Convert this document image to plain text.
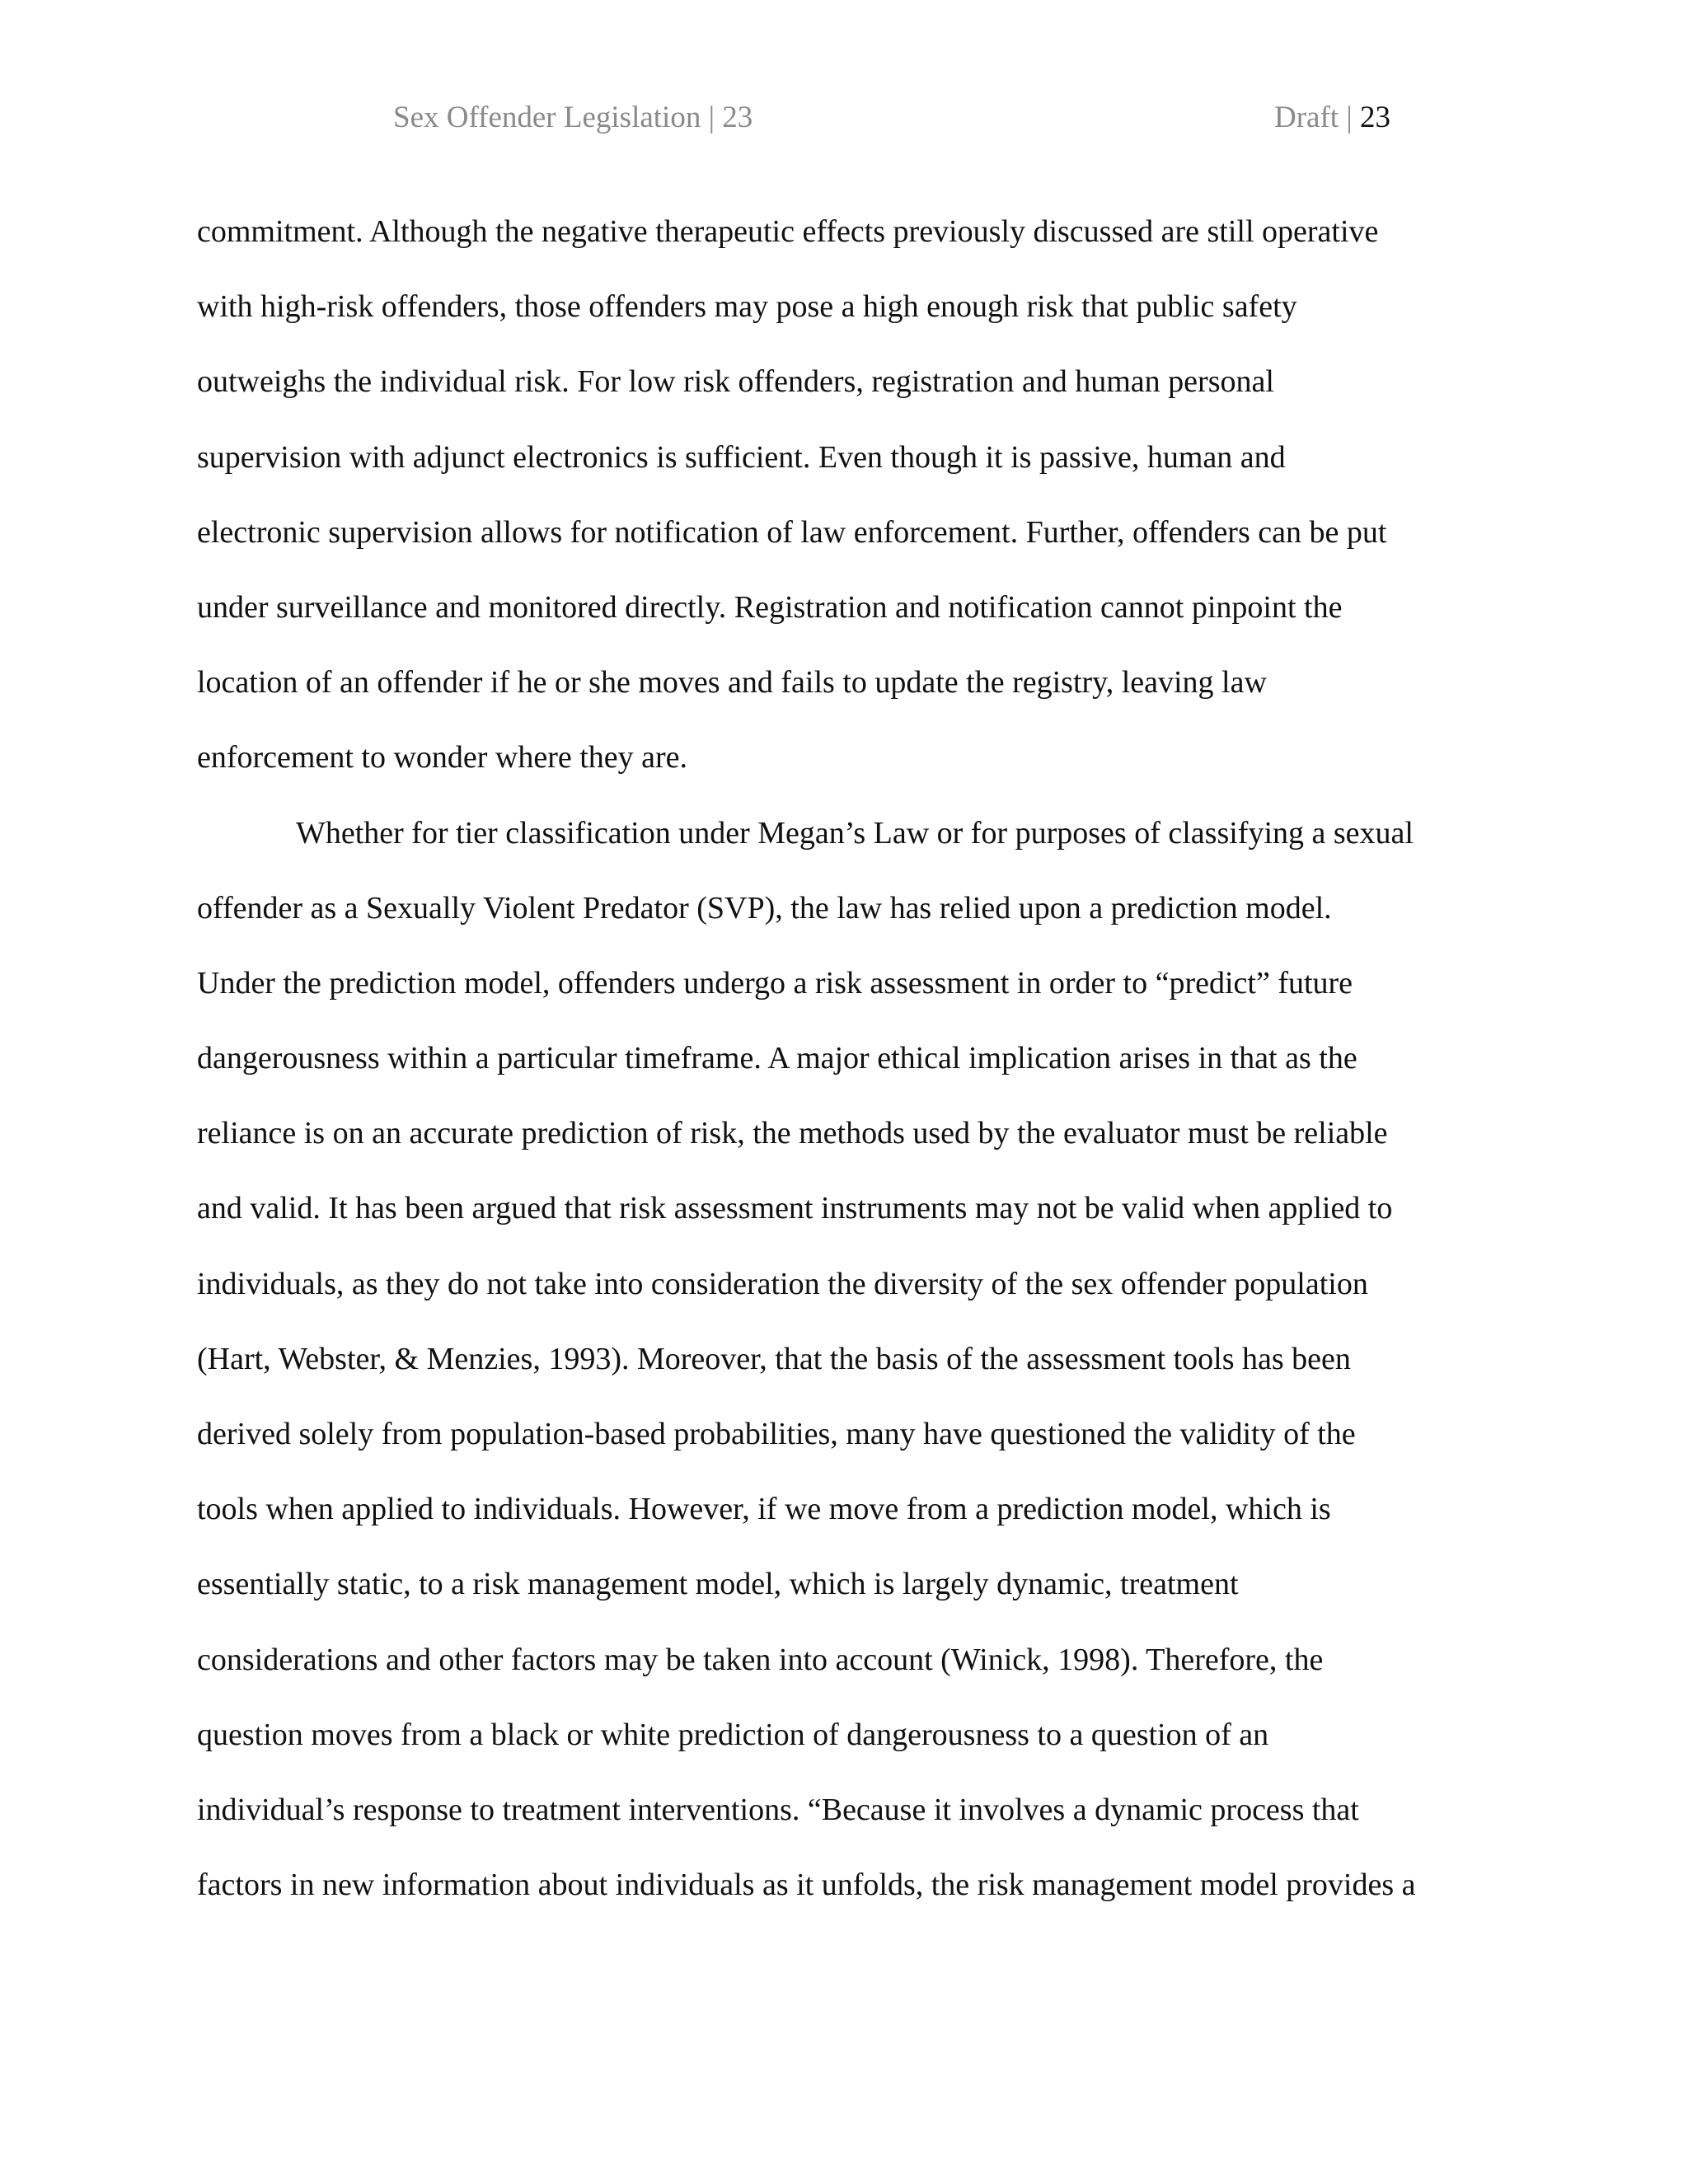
Sex Offender Legislation | 23	Draft | 23
commitment. Although the negative therapeutic effects previously discussed are still operative
with high-risk offenders, those offenders may pose a high enough risk that public safety
outweighs the individual risk. For low risk offenders, registration and human personal
supervision with adjunct electronics is sufficient. Even though it is passive, human and
electronic supervision allows for notification of law enforcement. Further, offenders can be put
under surveillance and monitored directly. Registration and notification cannot pinpoint the
location of an offender if he or she moves and fails to update the registry, leaving law
enforcement to wonder where they are.
Whether for tier classification under Megan’s Law or for purposes of classifying a sexual
offender as a Sexually Violent Predator (SVP), the law has relied upon a prediction model.
Under the prediction model, offenders undergo a risk assessment in order to “predict” future
dangerousness within a particular timeframe. A major ethical implication arises in that as the
reliance is on an accurate prediction of risk, the methods used by the evaluator must be reliable
and valid. It has been argued that risk assessment instruments may not be valid when applied to
individuals, as they do not take into consideration the diversity of the sex offender population
(Hart, Webster, & Menzies, 1993). Moreover, that the basis of the assessment tools has been
derived solely from population-based probabilities, many have questioned the validity of the
tools when applied to individuals. However, if we move from a prediction model, which is
essentially static, to a risk management model, which is largely dynamic, treatment
considerations and other factors may be taken into account (Winick, 1998). Therefore, the
question moves from a black or white prediction of dangerousness to a question of an
individual’s response to treatment interventions. “Because it involves a dynamic process that
factors in new information about individuals as it unfolds, the risk management model provides a
